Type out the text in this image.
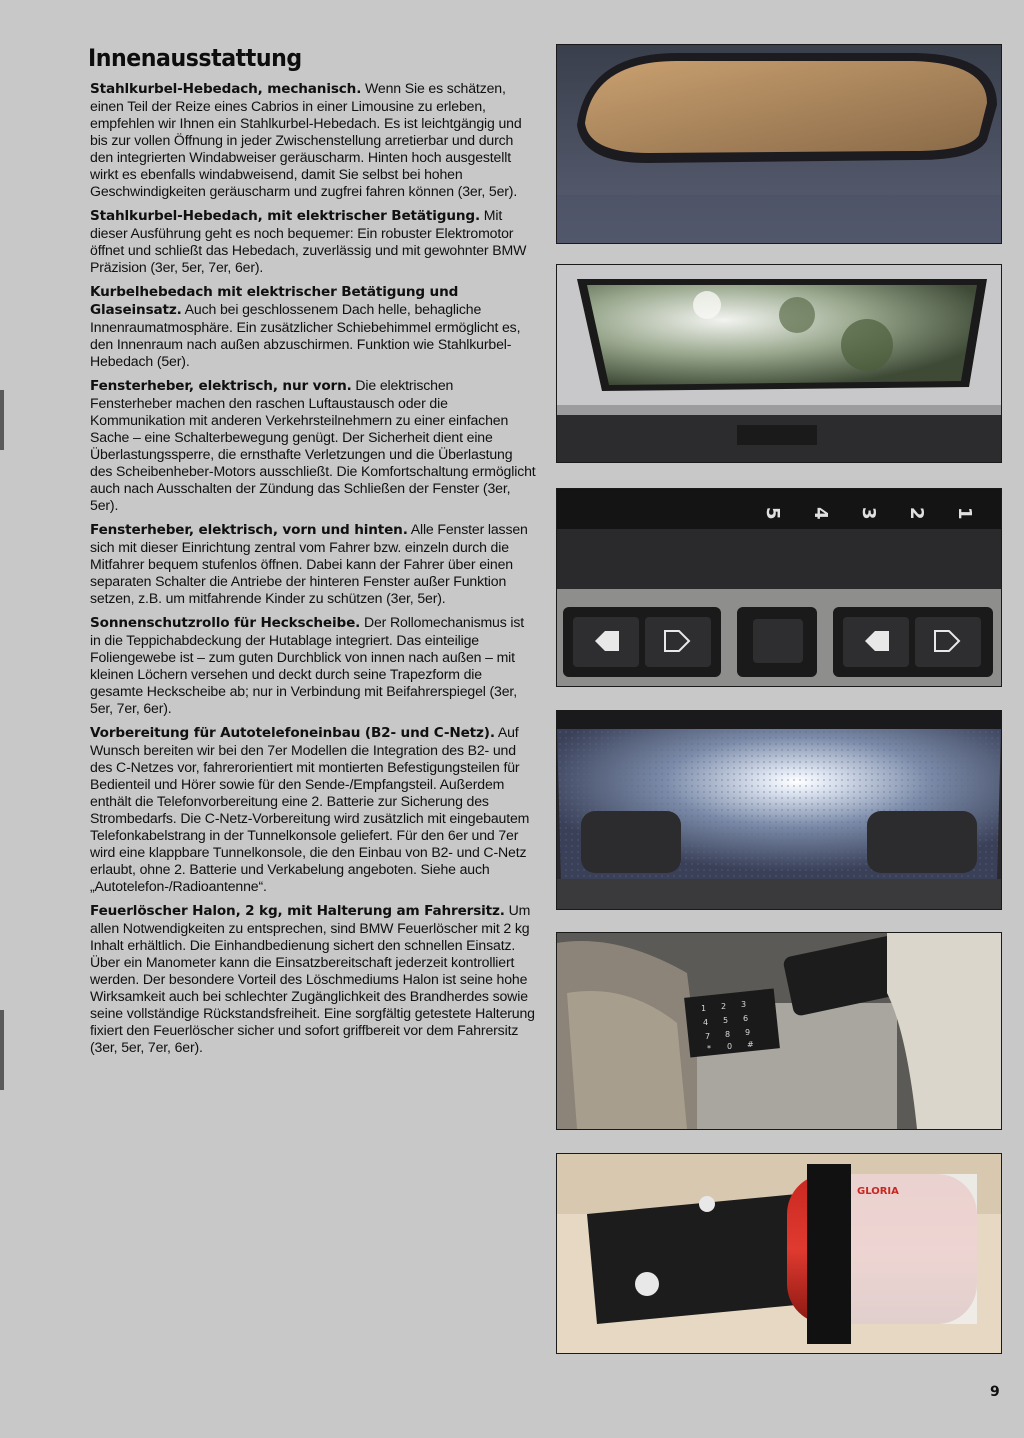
Innenausstattung

Stahlkurbel-Hebedach, mechanisch. Wenn Sie es schätzen, einen Teil der Reize eines Cabrios in einer Limousine zu erleben, empfehlen wir Ihnen ein Stahlkurbel-Hebedach. Es ist leichtgängig und bis zur vollen Öffnung in jeder Zwischenstellung arretierbar und durch den integrierten Windabweiser geräuscharm. Hinten hoch ausgestellt wirkt es ebenfalls windabweisend, damit Sie selbst bei hohen Geschwindigkeiten geräuscharm und zugfrei fahren können (3er, 5er).

Stahlkurbel-Hebedach, mit elektrischer Betätigung. Mit dieser Ausführung geht es noch bequemer: Ein robuster Elektromotor öffnet und schließt das Hebedach, zuverlässig und mit gewohnter BMW Präzision (3er, 5er, 7er, 6er).

Kurbelhebedach mit elektrischer Betätigung und Glaseinsatz. Auch bei geschlossenem Dach helle, behagliche Innenraumatmosphäre. Ein zusätzlicher Schiebehimmel ermöglicht es, den Innenraum nach außen abzuschirmen. Funktion wie Stahlkurbel-Hebedach (5er).

Fensterheber, elektrisch, nur vorn. Die elektrischen Fensterheber machen den raschen Luftaustausch oder die Kommunikation mit anderen Verkehrsteilnehmern zu einer einfachen Sache – eine Schalterbewegung genügt. Der Sicherheit dient eine Überlastungssperre, die ernsthafte Verletzungen und die Überlastung des Scheibenheber-Motors ausschließt. Die Komfortschaltung ermöglicht auch nach Ausschalten der Zündung das Schließen der Fenster (3er, 5er).

Fensterheber, elektrisch, vorn und hinten. Alle Fenster lassen sich mit dieser Einrichtung zentral vom Fahrer bzw. einzeln durch die Mitfahrer bequem stufenlos öffnen. Dabei kann der Fahrer über einen separaten Schalter die Antriebe der hinteren Fenster außer Funktion setzen, z.B. um mitfahrende Kinder zu schützen (3er, 5er).

Sonnenschutzrollo für Heckscheibe. Der Rollomechanismus ist in die Teppichabdeckung der Hutablage integriert. Das einteilige Foliengewebe ist – zum guten Durchblick von innen nach außen – mit kleinen Löchern versehen und deckt durch seine Trapezform die gesamte Heckscheibe ab; nur in Verbindung mit Beifahrerspiegel (3er, 5er, 7er, 6er).

Vorbereitung für Autotelefoneinbau (B2- und C-Netz). Auf Wunsch bereiten wir bei den 7er Modellen die Integration des B2- und des C-Netzes vor, fahrerorientiert mit montierten Befestigungsteilen für Bedienteil und Hörer sowie für den Sende-/Empfangsteil. Außerdem enthält die Telefonvorbereitung eine 2. Batterie zur Sicherung des Strombedarfs. Die C-Netz-Vorbereitung wird zusätzlich mit eingebautem Telefonkabelstrang in der Tunnelkonsole geliefert. Für den 6er und 7er wird eine klappbare Tunnelkonsole, die den Einbau von B2- und C-Netz erlaubt, ohne 2. Batterie und Verkabelung angeboten. Siehe auch „Autotelefon-/Radioantenne“.

Feuerlöscher Halon, 2 kg, mit Halterung am Fahrersitz. Um allen Notwendigkeiten zu entsprechen, sind BMW Feuerlöscher mit 2 kg Inhalt erhältlich. Die Einhandbedienung sichert den schnellen Einsatz. Über ein Manometer kann die Einsatzbereitschaft jederzeit kontrolliert werden. Der besondere Vorteil des Löschmediums Halon ist seine hohe Wirksamkeit auch bei schlechter Zugänglichkeit des Brandherdes sowie seine vollständige Rückstandsfreiheit. Eine sorgfältig getestete Halterung fixiert den Feuerlöscher sicher und sofort griffbereit vor dem Fahrersitz (3er, 5er, 7er, 6er).

1
2
3
4
5
1 2 3
4 5 6
7 8 9
* 0 #
GLORIA
9
